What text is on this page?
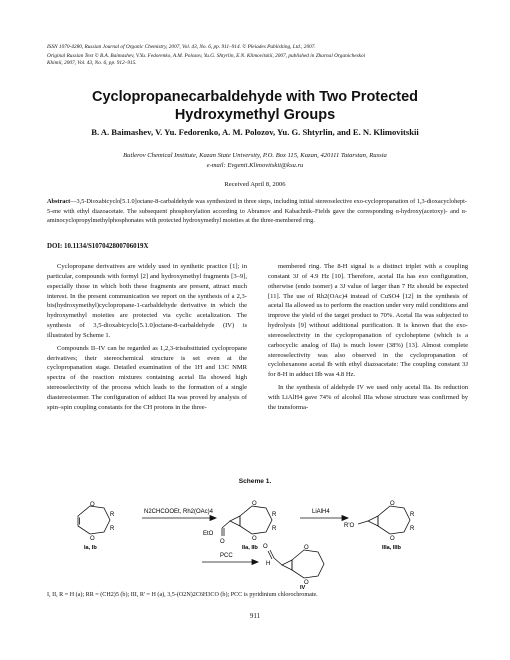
ISSN 1070-4280, Russian Journal of Organic Chemistry, 2007, Vol. 43, No. 6, pp. 911–914. © Pleiades Publishing, Ltd., 2007.
Original Russian Text © B.A. Baimashev, V.Yu. Fedorenko, A.M. Polozov, Yu.G. Shtyrlin, E.N. Klimovitskii, 2007, published in Zhurnal Organicheskoi
Khimii, 2007, Vol. 43, No. 6, pp. 912–915.
Cyclopropanecarbaldehyde with Two Protected
Hydroxymethyl Groups
B. A. Baimashev, V. Yu. Fedorenko, A. M. Polozov, Yu. G. Shtyrlin, and E. N. Klimovitskii
Butlerov Chemical Institute, Kazan State University, P.O. Box 115, Kazan, 420111 Tatarstan, Russia
e-mail: Evgenii.Klimovitskii@ksu.ru
Received April 8, 2006
Abstract—3,5-Dioxabicyclo[5.1.0]octane-8-carbaldehyde was synthesized in three steps, including initial stereoselective exo-cyclopropanation of 1,3-dioxacyclohept-5-ene with ethyl diazoacetate. The subsequent phosphorylation according to Abramov and Kabachnik–Fields gave the corresponding α-hydroxy(acetoxy)- and α-aminocyclopropylmethylphosphonates with protected hydroxymethyl moieties at the three-membered ring.
DOI: 10.1134/S107042800706019X

Cyclopropane derivatives are widely used in synthetic practice [1]; in particular, compounds with formyl [2] and hydroxymethyl fragments [3–9], especially those in which both these fragments are present, attract much interest. In the present communication we report on the synthesis of a 2,3-bis(hydroxymethyl)cyclopropane-1-carbaldehyde derivative in which the hydroxymethyl moieties are protected via cyclic acetalization. The synthesis of 3,5-dioxabicyclo[5.1.0]octane-8-carbaldehyde (IV) is illustrated by Scheme 1.

Compounds II–IV can be regarded as 1,2,3-trisubstituted cyclopropane derivatives; their stereochemical structure is set even at the cyclopropanation stage. Detailed examination of the 1H and 13C NMR spectra of the reaction mixtures containing acetal IIa showed high stereoselectivity of the process which leads to the formation of a single diastereoisomer. The configuration of adduct IIa was proved by analysis of spin–spin coupling constants for the CH protons in the three-

membered ring. The 8-H signal is a distinct triplet with a coupling constant 3J of 4.9 Hz [10]. Therefore, acetal IIa has exo configuration, otherwise (endo isomer) a 3J value of larger than 7 Hz should be expected [11]. The use of Rh2(OAc)4 instead of CuSO4 [12] in the synthesis of acetal IIa allowed us to perform the reaction under very mild conditions and improve the yield of the target product to 70%. Acetal IIa was subjected to hydrolysis [9] without additional purification. It is known that the exo-stereoselectivity in the cyclopropanation of cycloheptene (which is a carbocyclic analog of IIa) is much lower (38%) [13]. Almost complete stereoselectivity was also observed in the cyclopropanation of cyclohexanone acetal Ib with ethyl diazoacetate: The coupling constant 3J for 8-H in adduct IIb was 4.8 Hz.

In the synthesis of aldehyde IV we used only acetal IIa. Its reduction with LiAlH4 gave 74% of alcohol IIIa whose structure was confirmed by the transforma-

Scheme 1.
O
O
R
R
O
O
R
R
EtO
O
O
O
R
R
R'O
O
H
O
O
N2CHCOOEt, Rh2(OAc)4	LiAlH4
PCC
Ia, Ib	IIa, IIb	IIIa, IIIb
IV
I, II, R = H (a); RR = (CH2)5 (b); III, R' = H (a), 3,5-(O2N)2C6H3CO (b); PCC is pyridinium chlorochromate.
911
